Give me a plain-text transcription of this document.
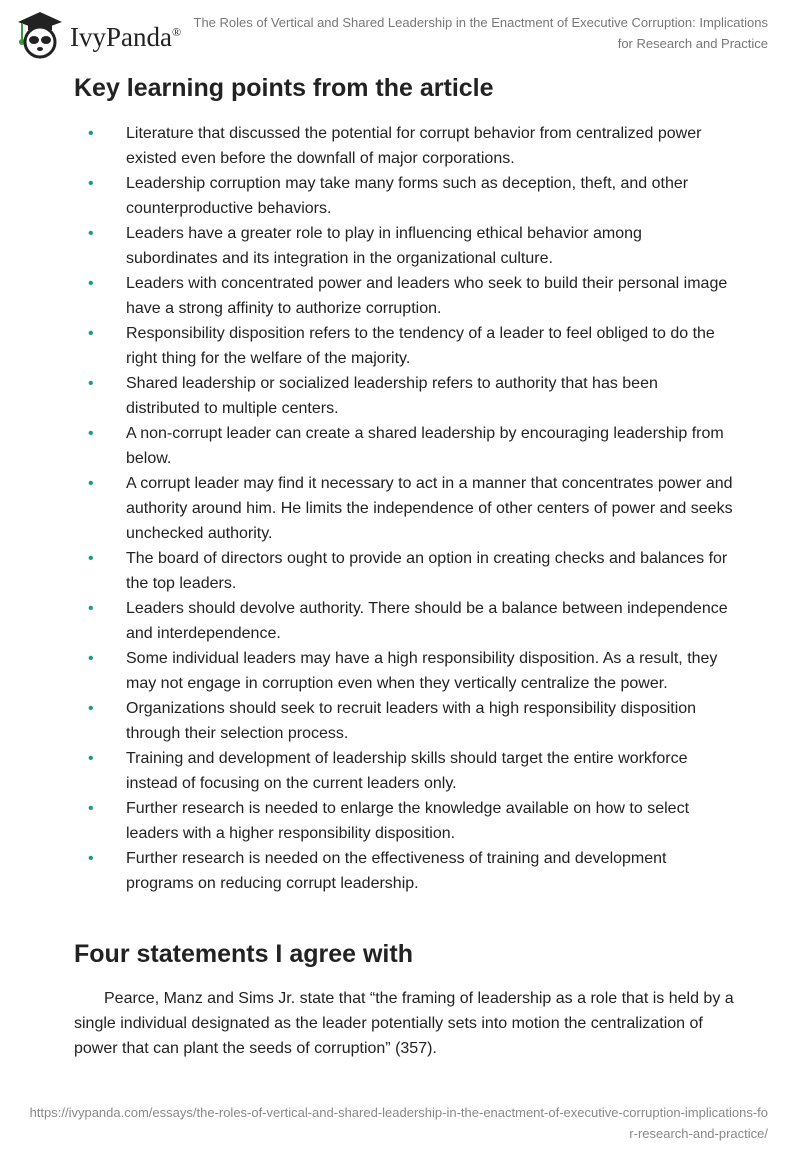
IvyPanda®
The Roles of Vertical and Shared Leadership in the Enactment of Executive Corruption: Implications for Research and Practice
Key learning points from the article
• Literature that discussed the potential for corrupt behavior from centralized power existed even before the downfall of major corporations.
• Leadership corruption may take many forms such as deception, theft, and other counterproductive behaviors.
• Leaders have a greater role to play in influencing ethical behavior among subordinates and its integration in the organizational culture.
• Leaders with concentrated power and leaders who seek to build their personal image have a strong affinity to authorize corruption.
• Responsibility disposition refers to the tendency of a leader to feel obliged to do the right thing for the welfare of the majority.
• Shared leadership or socialized leadership refers to authority that has been distributed to multiple centers.
• A non-corrupt leader can create a shared leadership by encouraging leadership from below.
• A corrupt leader may find it necessary to act in a manner that concentrates power and authority around him. He limits the independence of other centers of power and seeks unchecked authority.
• The board of directors ought to provide an option in creating checks and balances for the top leaders.
• Leaders should devolve authority. There should be a balance between independence and interdependence.
• Some individual leaders may have a high responsibility disposition. As a result, they may not engage in corruption even when they vertically centralize the power.
• Organizations should seek to recruit leaders with a high responsibility disposition through their selection process.
• Training and development of leadership skills should target the entire workforce instead of focusing on the current leaders only.
• Further research is needed to enlarge the knowledge available on how to select leaders with a higher responsibility disposition.
• Further research is needed on the effectiveness of training and development programs on reducing corrupt leadership.
Four statements I agree with

Pearce, Manz and Sims Jr. state that “the framing of leadership as a role that is held by a single individual designated as the leader potentially sets into motion the centralization of power that can plant the seeds of corruption” (357).

https://ivypanda.com/essays/the-roles-of-vertical-and-shared-leadership-in-the-enactment-of-executive-corruption-implications-for-research-and-practice/
